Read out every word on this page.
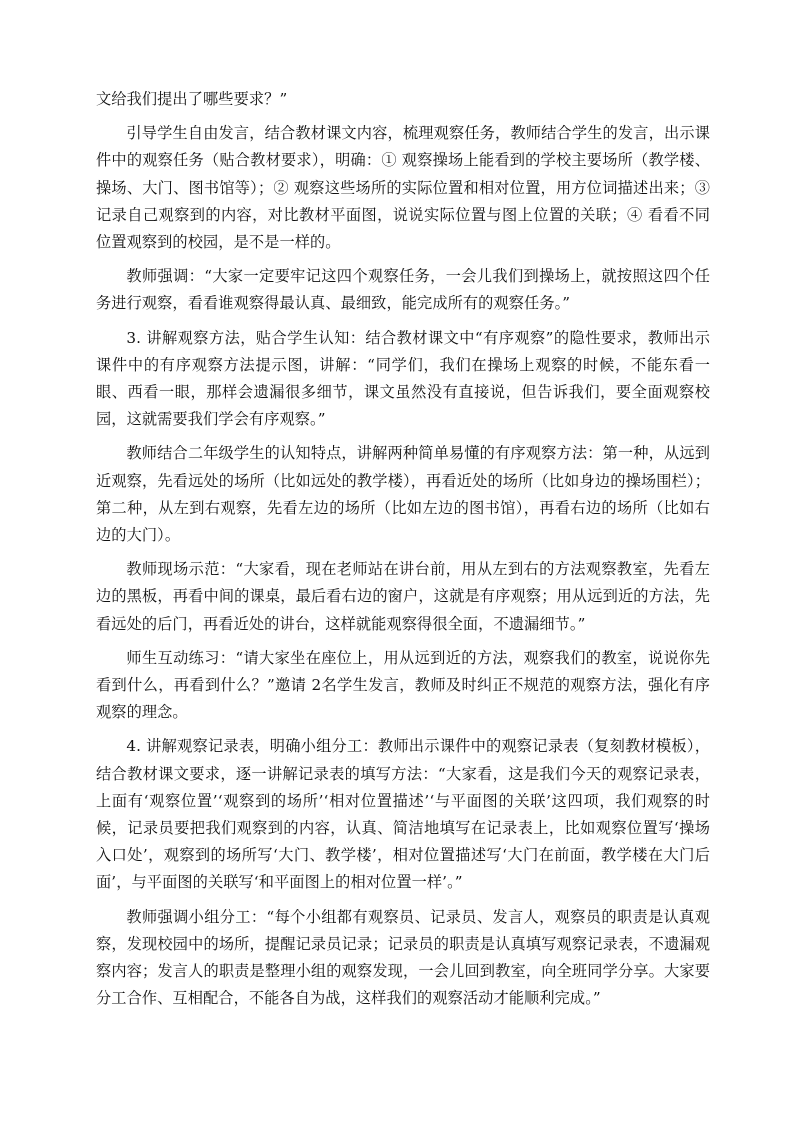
文给我们提出了哪些要求？”

引导学生自由发言，结合教材课文内容，梳理观察任务，教师结合学生的发言，出示课件中的观察任务（贴合教材要求），明确：① 观察操场上能看到的学校主要场所（教学楼、操场、大门、图书馆等）；② 观察这些场所的实际位置和相对位置，用方位词描述出来；③ 记录自己观察到的内容，对比教材平面图，说说实际位置与图上位置的关联；④ 看看不同位置观察到的校园，是不是一样的。

教师强调：“大家一定要牢记这四个观察任务，一会儿我们到操场上，就按照这四个任务进行观察，看看谁观察得最认真、最细致，能完成所有的观察任务。”

3. 讲解观察方法，贴合学生认知：结合教材课文中“有序观察”的隐性要求，教师出示课件中的有序观察方法提示图，讲解：“同学们，我们在操场上观察的时候，不能东看一眼、西看一眼，那样会遗漏很多细节，课文虽然没有直接说，但告诉我们，要全面观察校园，这就需要我们学会有序观察。”

教师结合二年级学生的认知特点，讲解两种简单易懂的有序观察方法：第一种，从远到近观察，先看远处的场所（比如远处的教学楼），再看近处的场所（比如身边的操场围栏）；第二种，从左到右观察，先看左边的场所（比如左边的图书馆），再看右边的场所（比如右边的大门）。

教师现场示范：“大家看，现在老师站在讲台前，用从左到右的方法观察教室，先看左边的黑板，再看中间的课桌，最后看右边的窗户，这就是有序观察；用从远到近的方法，先看远处的后门，再看近处的讲台，这样就能观察得很全面，不遗漏细节。”

师生互动练习：“请大家坐在座位上，用从远到近的方法，观察我们的教室，说说你先看到什么，再看到什么？”邀请 2名学生发言，教师及时纠正不规范的观察方法，强化有序观察的理念。

4. 讲解观察记录表，明确小组分工：教师出示课件中的观察记录表（复刻教材模板），结合教材课文要求，逐一讲解记录表的填写方法：“大家看，这是我们今天的观察记录表，上面有‘观察位置’‘观察到的场所’‘相对位置描述’‘与平面图的关联’这四项，我们观察的时候，记录员要把我们观察到的内容，认真、简洁地填写在记录表上，比如观察位置写‘操场入口处’，观察到的场所写‘大门、教学楼’，相对位置描述写‘大门在前面，教学楼在大门后面’，与平面图的关联写‘和平面图上的相对位置一样’。”

教师强调小组分工：“每个小组都有观察员、记录员、发言人，观察员的职责是认真观察，发现校园中的场所，提醒记录员记录；记录员的职责是认真填写观察记录表，不遗漏观察内容；发言人的职责是整理小组的观察发现，一会儿回到教室，向全班同学分享。大家要分工合作、互相配合，不能各自为战，这样我们的观察活动才能顺利完成。”
